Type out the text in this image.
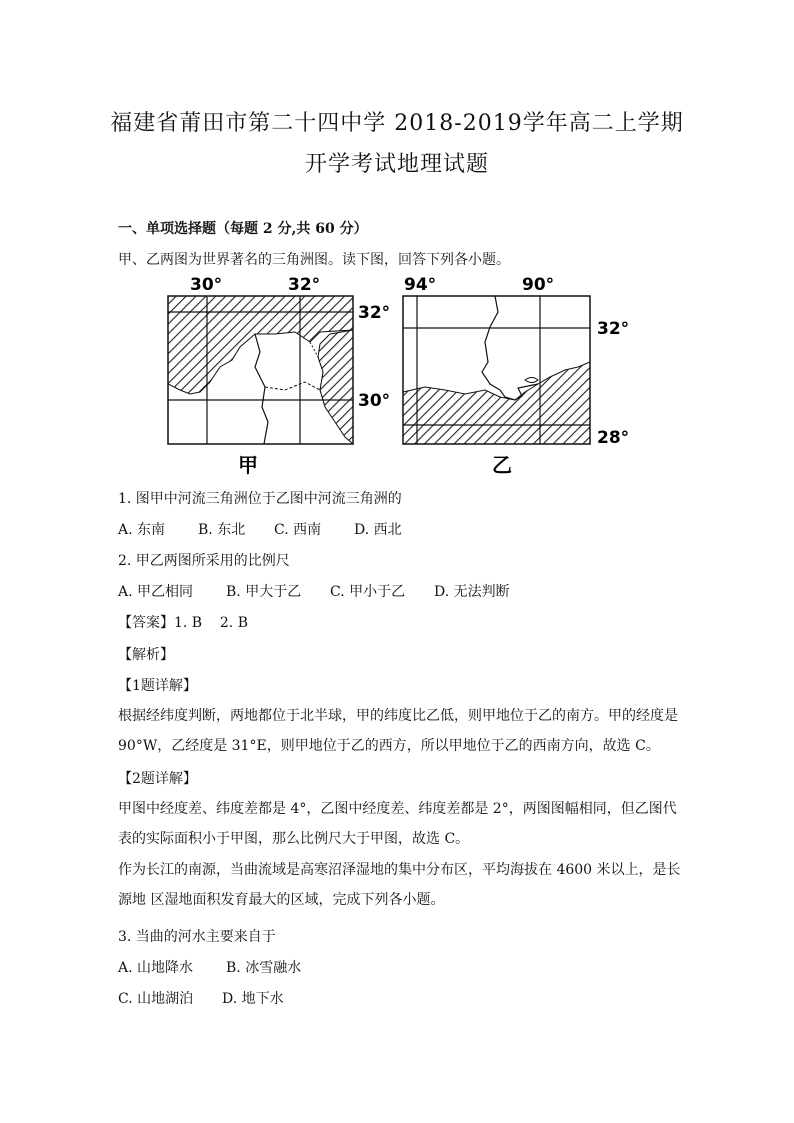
福建省莆田市第二十四中学 2018-2019学年高二上学期
开学考试地理试题
一、单项选择题（每题 2 分,共 60 分）
甲、乙两图为世界著名的三角洲图。读下图，回答下列各小题。
30°	32°
32°
30°
甲
94°	90°
32°
28°
乙
1. 图甲中河流三角洲位于乙图中河流三角洲的
A. 东南 B. 东北 C. 西南 D. 西北
2. 甲乙两图所采用的比例尺
A. 甲乙相同 B. 甲大于乙 C. 甲小于乙 D. 无法判断
【答案】1. B    2. B
【解析】
【1题详解】
根据经纬度判断，两地都位于北半球，甲的纬度比乙低，则甲地位于乙的南方。甲的经度是 90°W，乙经度是 31°E，则甲地位于乙的西方，所以甲地位于乙的西南方向，故选 C。
【2题详解】
甲图中经度差、纬度差都是 4°，乙图中经度差、纬度差都是 2°，两图图幅相同，但乙图代表的实际面积小于甲图，那么比例尺大于甲图，故选 C。
作为长江的南源，当曲流域是高寒沼泽湿地的集中分布区，平均海拔在 4600 米以上，是长源地 区湿地面积发育最大的区域，完成下列各小题。
3. 当曲的河水主要来自于
A. 山地降水 B. 冰雪融水
C. 山地湖泊 D. 地下水
